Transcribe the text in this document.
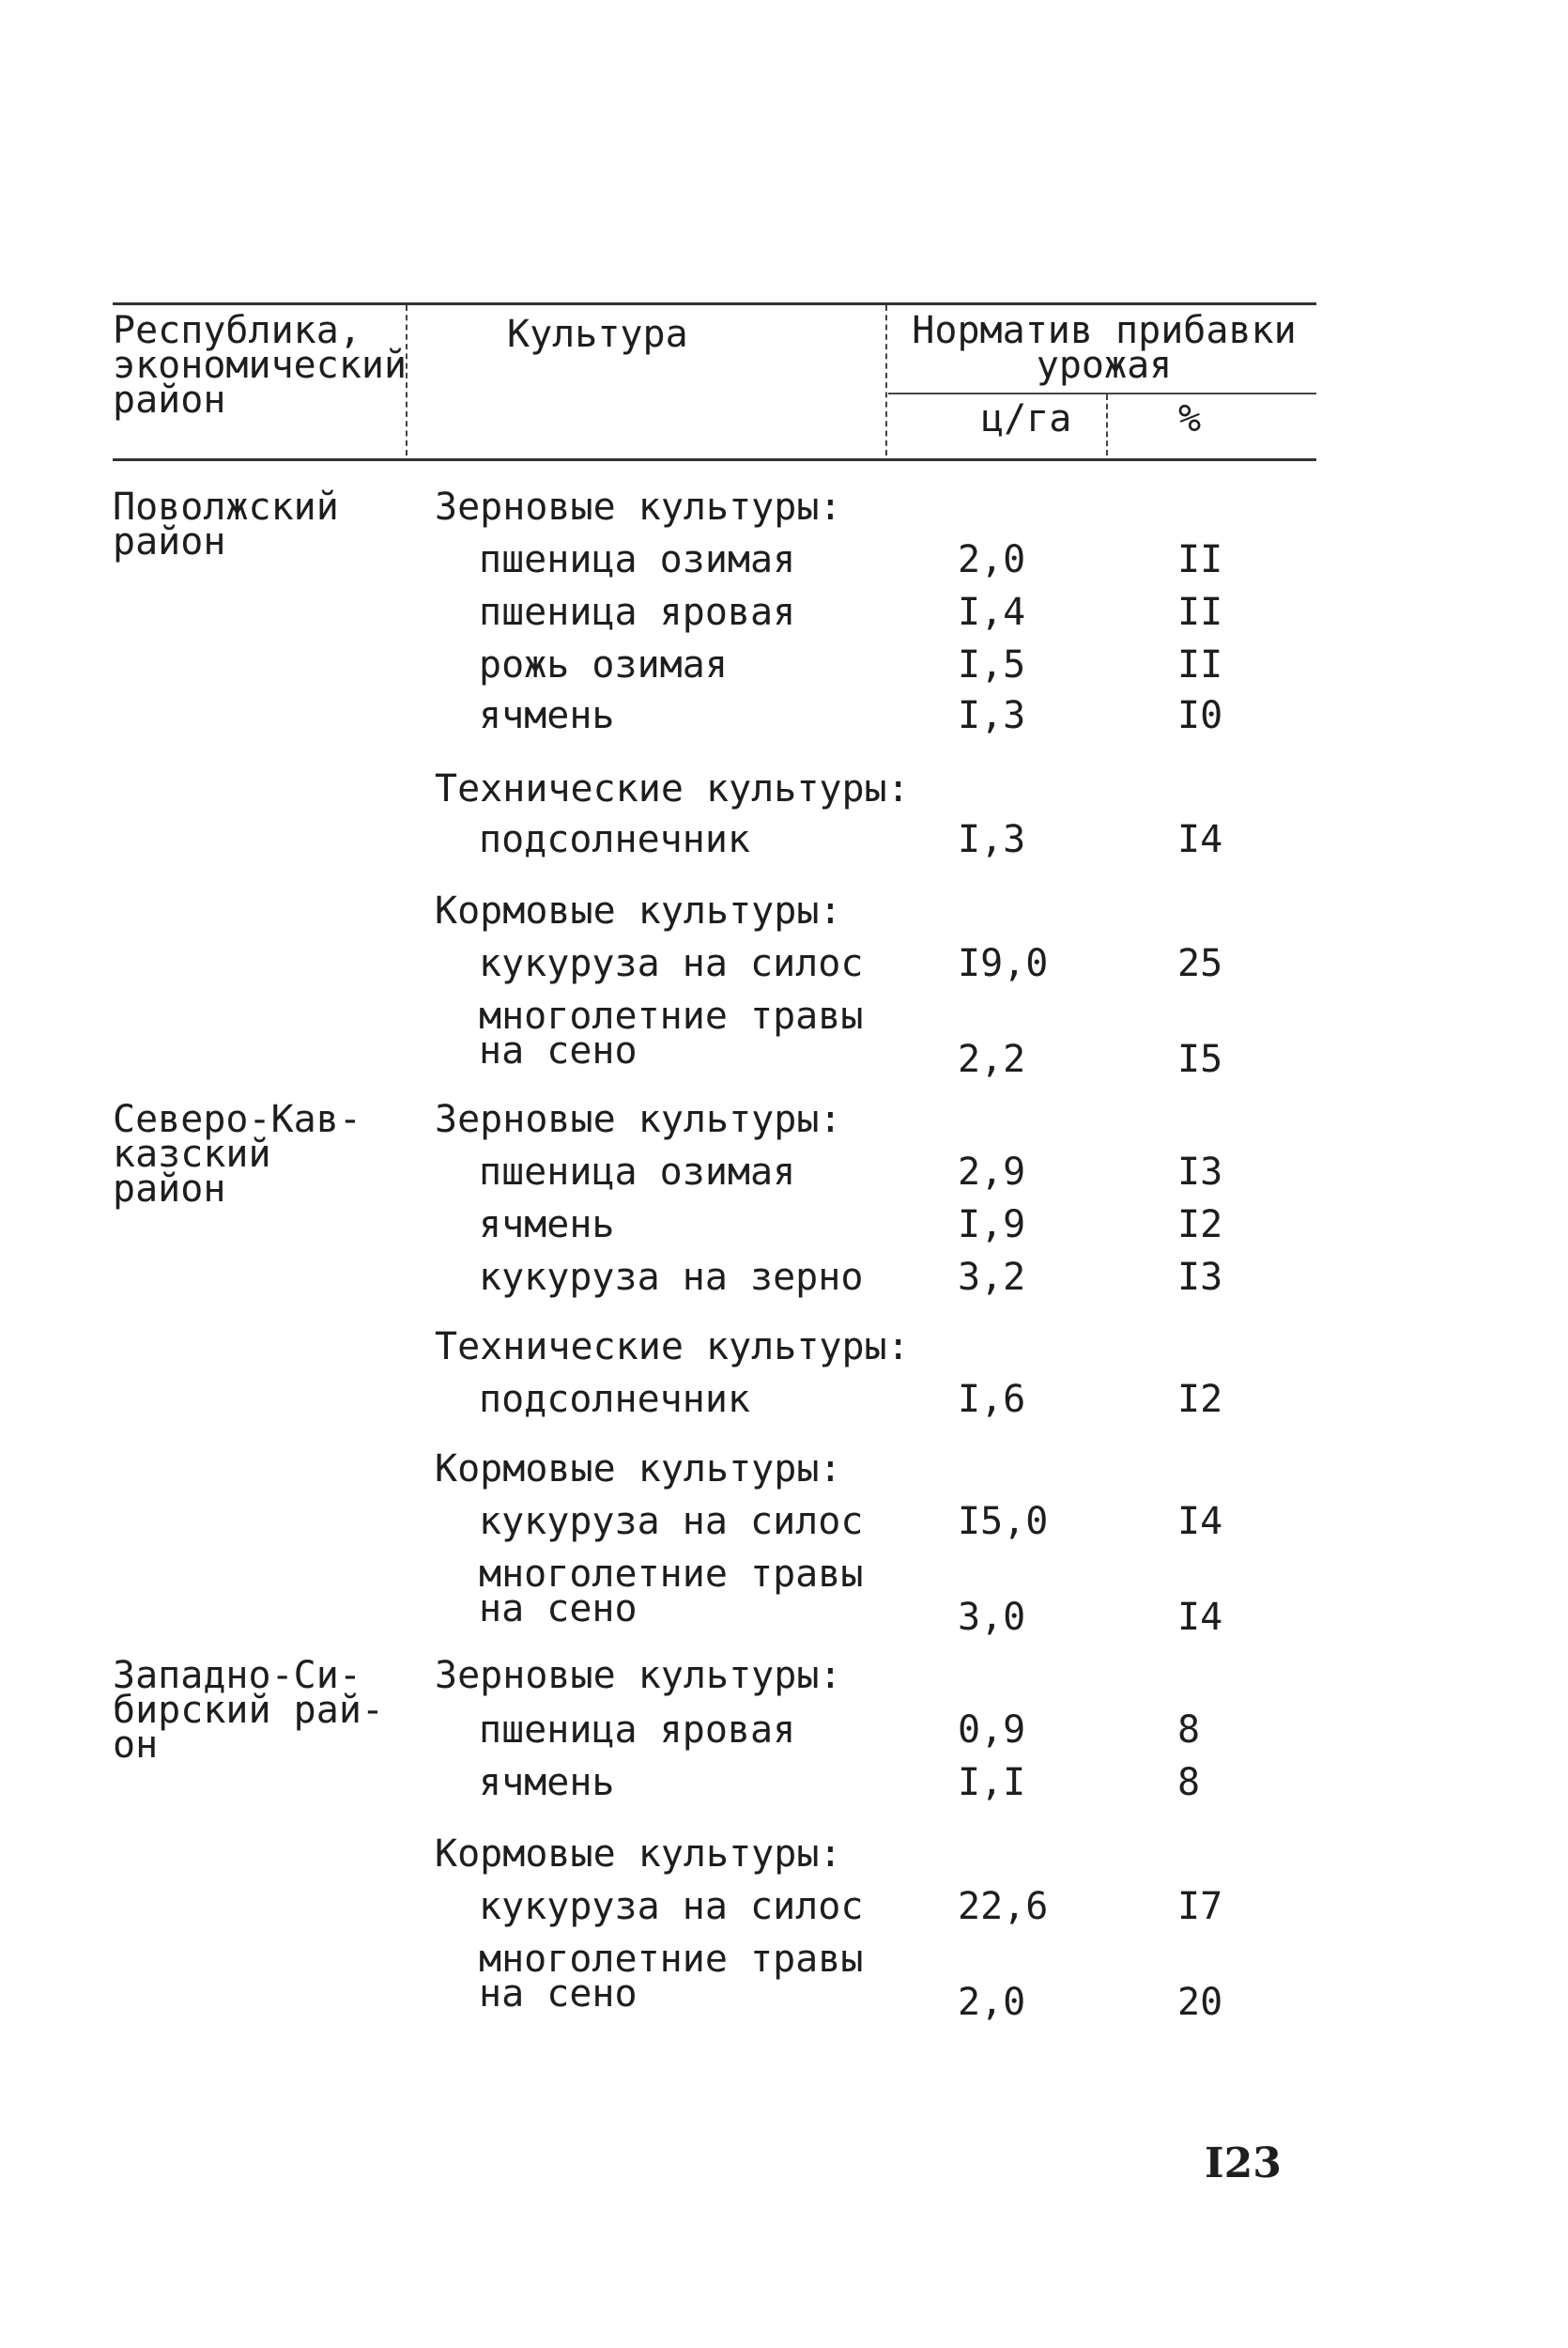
Республика,
экономический
район
Культура	Норматив прибавки
урожая
ц/га	%
Поволжский
район
Зерновые культуры:
пшеница озимая	2,0	II
пшеница яровая	I,4	II
рожь озимая	I,5	II
ячмень	I,3	I0
Технические культуры:
подсолнечник	I,3	I4
Кормовые культуры:
кукуруза на силос	I9,0	25
многолетние травы
на сено	2,2	I5
Северо-Кав-
казский
район
Зерновые культуры:
пшеница озимая	2,9	I3
ячмень	I,9	I2
кукуруза на зерно	3,2	I3
Технические культуры:
подсолнечник	I,6	I2
Кормовые культуры:
кукуруза на силос	I5,0	I4
многолетние травы
на сено	3,0	I4
Западно-Си-
бирский рай-
он
Зерновые культуры:
пшеница яровая	0,9	8
ячмень	I,I	8
Кормовые культуры:
кукуруза на силос	22,6	I7
многолетние травы
на сено	2,0	20
I23
